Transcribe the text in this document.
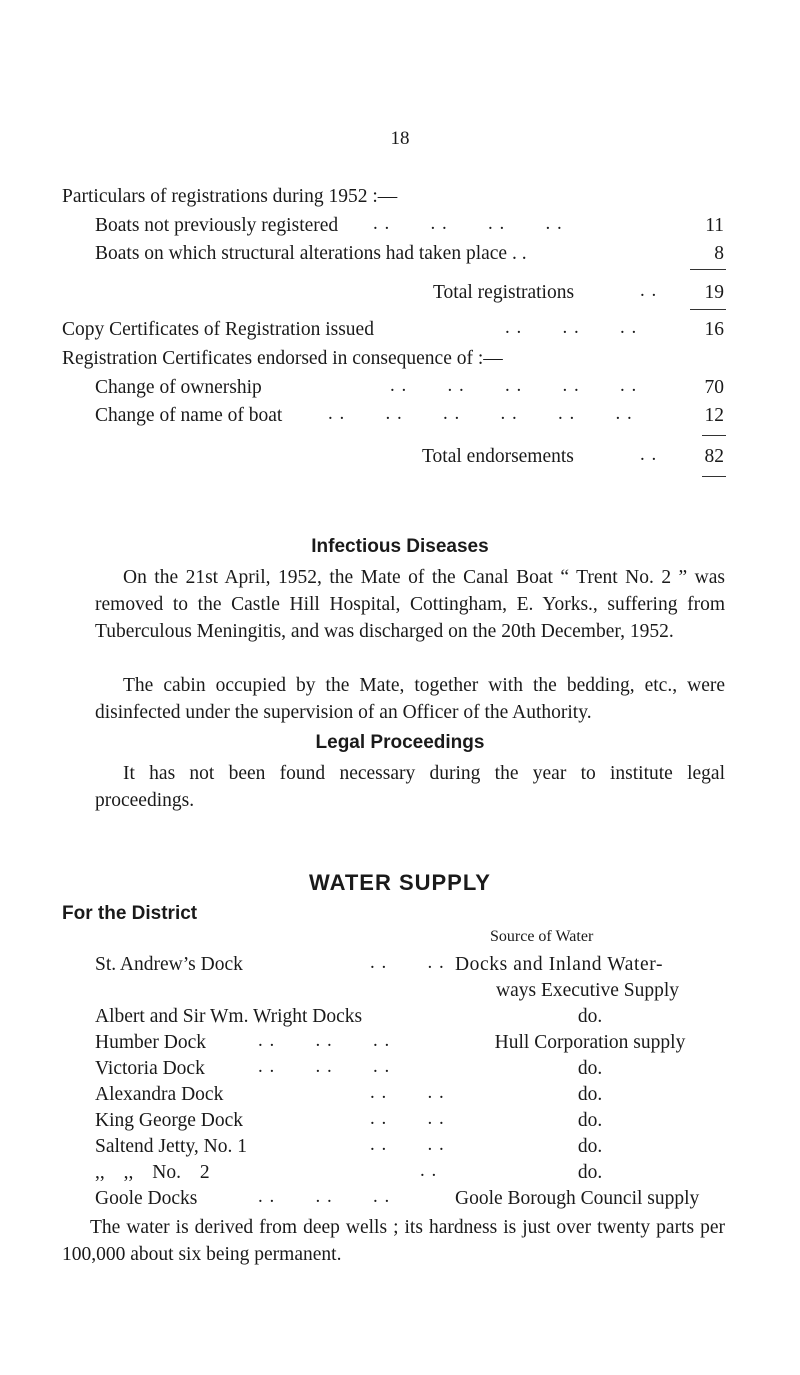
18
Particulars of registrations during 1952 :—
Boats not previously registered . .       . .       . .       . .	11
Boats on which structural alterations had taken place . .	8
Total registrations	. .	19
Copy Certificates of Registration issued	. .       . .       . .	16
Registration Certificates endorsed in consequence of :—
Change of ownership	. .       . .       . .       . .       . .	70
Change of name of boat . .       . .       . .       . .       . .       . .	12
Total endorsements	. .	82
Infectious Diseases
On the 21st April, 1952, the Mate of the Canal Boat “ Trent No. 2 ” was removed to the Castle Hill Hospital, Cottingham, E. Yorks., suffering from Tuberculous Meningitis, and was discharged on the 20th December, 1952.
The cabin occupied by the Mate, together with the bedding, etc., were disinfected under the supervision of an Officer of the Authority.
Legal Proceedings
It has not been found necessary during the year to institute legal proceedings.
WATER SUPPLY
For the District
Source of Water
St. Andrew’s Dock	. .       . . Docks and Inland Water-
ways Executive Supply
Albert and Sir Wm. Wright Docks	do.
Humber Dock	. .       . .       . .	Hull Corporation supply
Victoria Dock	. .       . .       . .	do.
Alexandra Dock	. .       . .	do.
King George Dock	. .       . .	do.
Saltend Jetty, No. 1	. .       . .	do.
,, ,, No. 2	. .	do.
Goole Docks	. .       . .       . .	Goole Borough Council supply
The water is derived from deep wells ; its hardness is just over twenty parts per 100,000 about six being permanent.
